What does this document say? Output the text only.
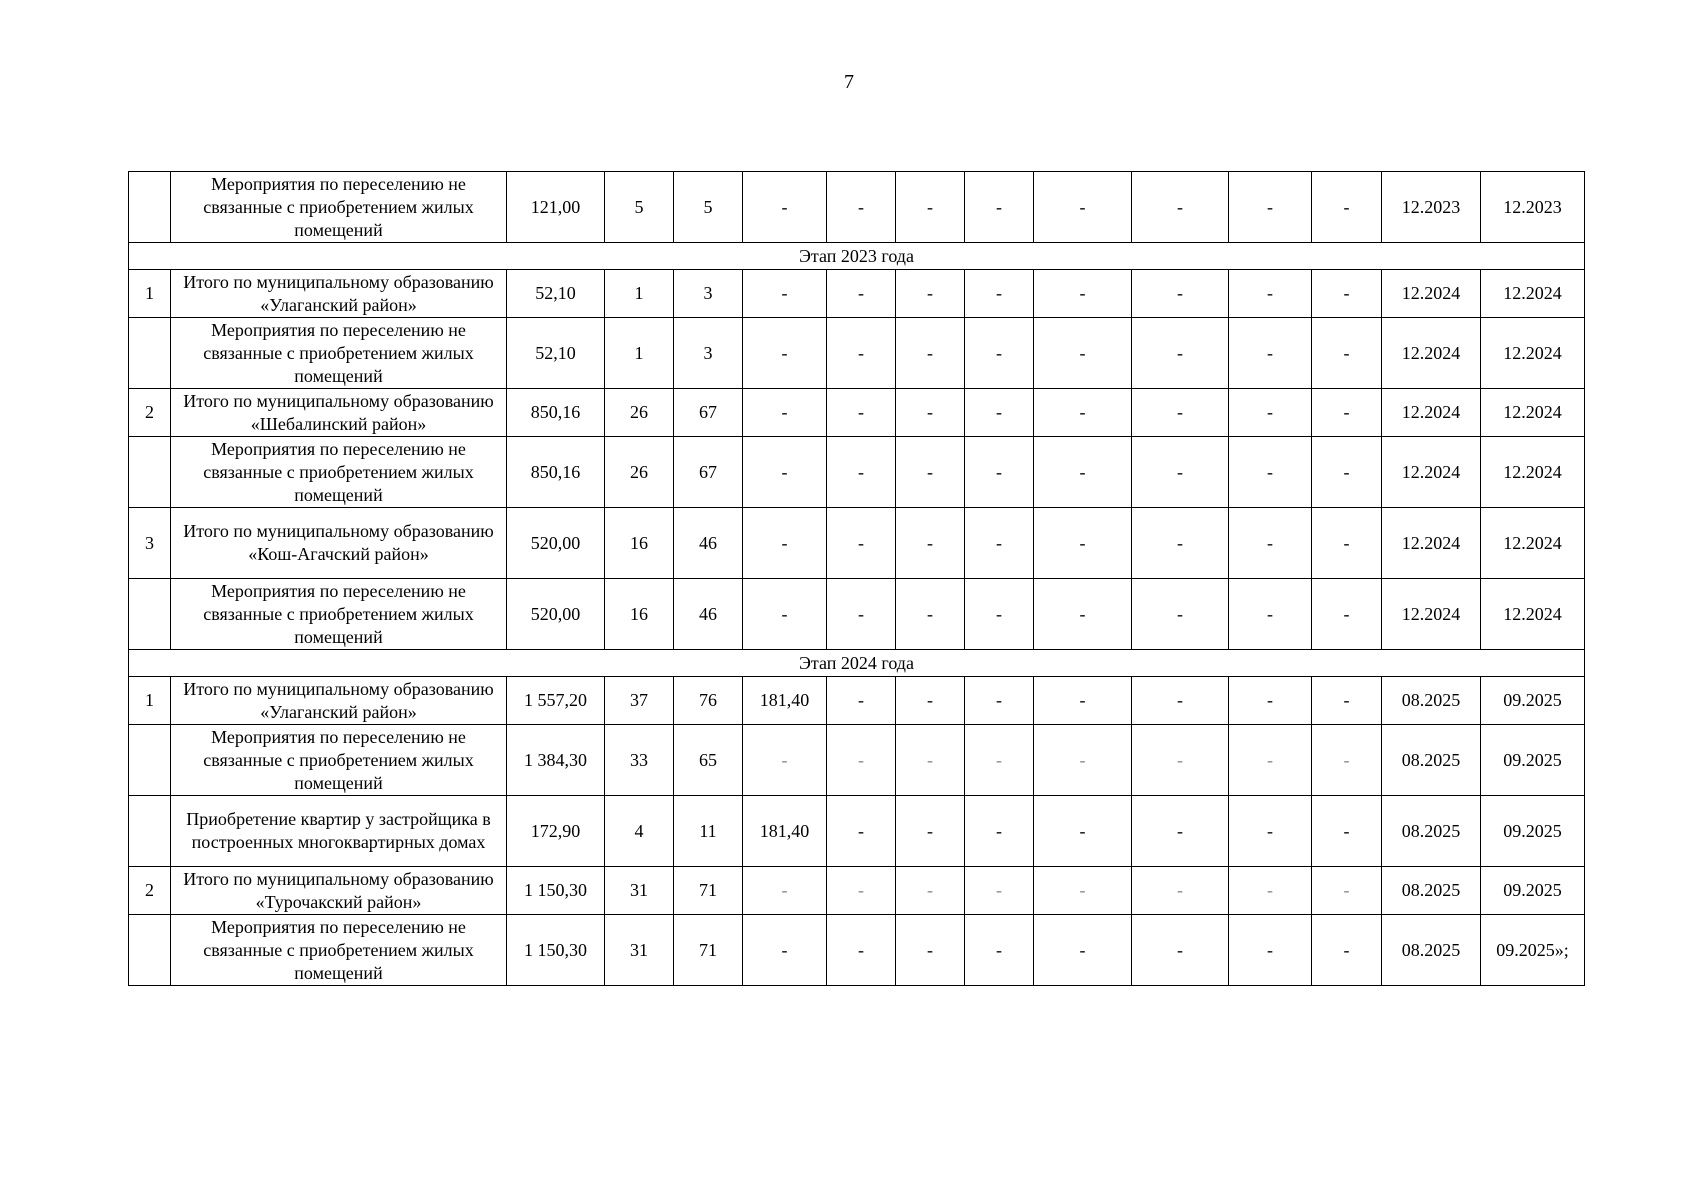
7
	Мероприятия по переселению не связанные с приобретением жилых помещений	121,00	5	5	-	-	-	-	-	-	-	-	12.2023	12.2023
Этап 2023 года														
1	Итого по муниципальному образованию «Улаганский район»	52,10	1	3	-	-	-	-	-	-	-	-	12.2024	12.2024
	Мероприятия по переселению не связанные с приобретением жилых помещений	52,10	1	3	-	-	-	-	-	-	-	-	12.2024	12.2024
2	Итого по муниципальному образованию «Шебалинский район»	850,16	26	67	-	-	-	-	-	-	-	-	12.2024	12.2024
	Мероприятия по переселению не связанные с приобретением жилых помещений	850,16	26	67	-	-	-	-	-	-	-	-	12.2024	12.2024
3	Итого по муниципальному образованию «Кош-Агачский район»	520,00	16	46	-	-	-	-	-	-	-	-	12.2024	12.2024
	Мероприятия по переселению не связанные с приобретением жилых помещений	520,00	16	46	-	-	-	-	-	-	-	-	12.2024	12.2024
Этап 2024 года														
1	Итого по муниципальному образованию «Улаганский район»	1 557,20	37	76	181,40	-	-	-	-	-	-	-	08.2025	09.2025
	Мероприятия по переселению не связанные с приобретением жилых помещений	1 384,30	33	65	-	-	-	-	-	-	-	-	08.2025	09.2025
	Приобретение квартир у застройщика в построенных многоквартирных домах	172,90	4	11	181,40	-	-	-	-	-	-	-	08.2025	09.2025
2	Итого по муниципальному образованию «Турочакский район»	1 150,30	31	71	-	-	-	-	-	-	-	-	08.2025	09.2025
	Мероприятия по переселению не связанные с приобретением жилых помещений	1 150,30	31	71	-	-	-	-	-	-	-	-	08.2025	09.2025»;
